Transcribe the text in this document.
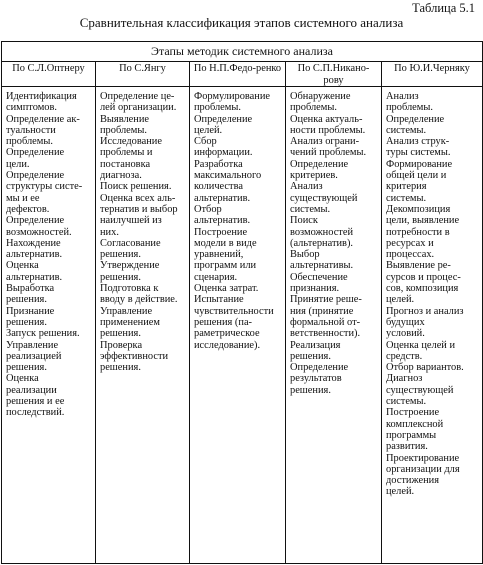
Таблица 5.1
Сравнительная классификация этапов системного анализа
Этапы методик системного анализа
По С.Л.Оптнеру
Идентификация
симптомов.
Определение ак-
туальности
проблемы.
Определение
цели.
Определение
структуры систе-
мы и ее
дефектов.
Определение
возможностей.
Нахождение
альтернатив.
Оценка
альтернатив.
Выработка
решения.
Признание
решения.
Запуск решения.
Управление
реализацией
решения.
Оценка
реализации
решения и ее
последствий.
По С.Янгу
Определение це-
лей организации.
Выявление
проблемы.
Исследование
проблемы и
постановка
диагноза.
Поиск решения.
Оценка всех аль-
тернатив и выбор
наилучшей из
них.
Согласование
решения.
Утверждение
решения.
Подготовка к
вводу в действие.
Управление
применением
решения.
Проверка
эффективности
решения.
По Н.П.Федо-ренко
Формулирование
проблемы.
Определение
целей.
Сбор
информации.
Разработка
максимального
количества
альтернатив.
Отбор
альтернатив.
Построение
модели в виде
уравнений,
программ или
сценария.
Оценка затрат.
Испытание
чувствительности
решения (па-
раметрическое
исследование).
По С.П.Никано-рову
Обнаружение
проблемы.
Оценка актуаль-
ности проблемы.
Анализ ограни-
чений проблемы.
Определение
критериев.
Анализ
существующей
системы.
Поиск
возможностей
(альтернатив).
Выбор
альтернативы.
Обеспечение
признания.
Принятие реше-
ния (принятие
формальной от-
ветственности).
Реализация
решения.
Определение
результатов
решения.
По Ю.И.Черняку
Анализ
проблемы.
Определение
системы.
Анализ струк-
туры системы.
Формирование
общей цели и
критерия
системы.
Декомпозиция
цели, выявление
потребности в
ресурсах и
процессах.
Выявление ре-
сурсов и процес-
сов, композиция
целей.
Прогноз и анализ
будущих
условий.
Оценка целей и
средств.
Отбор вариантов.
Диагноз
существующей
системы.
Построение
комплексной
программы
развития.
Проектирование
организации для
достижения
целей.
